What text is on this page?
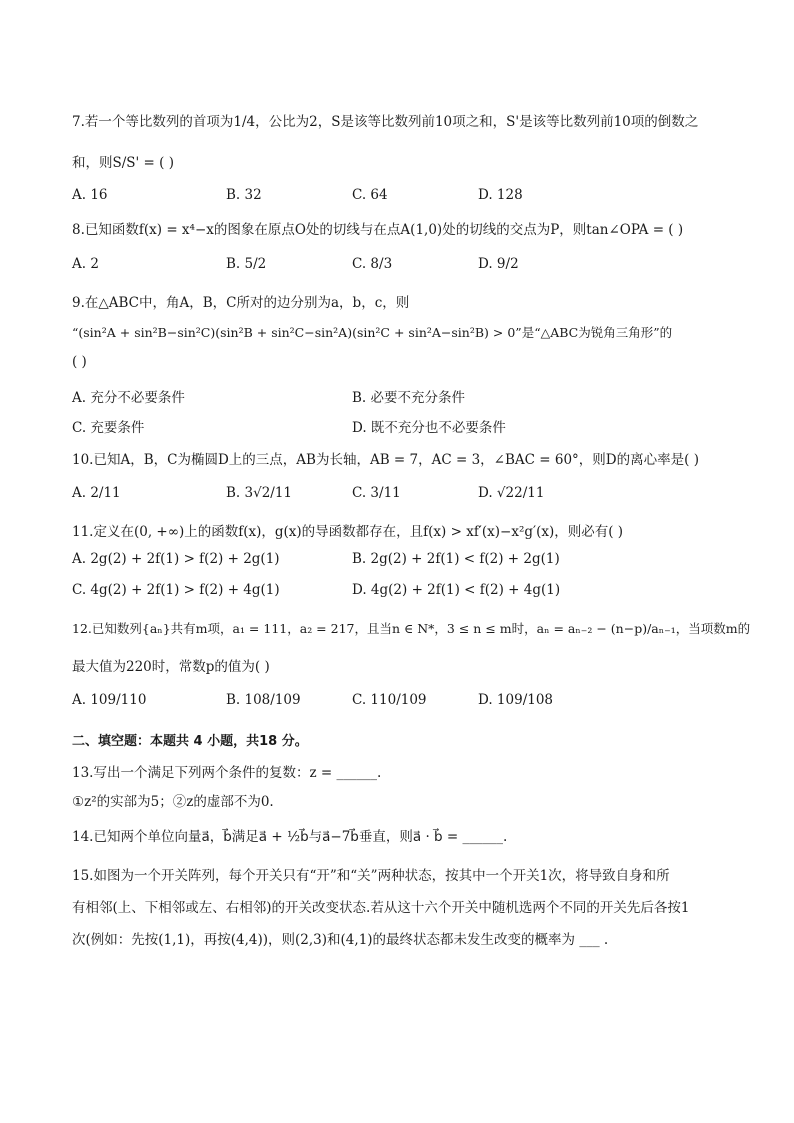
7.若一个等比数列的首项为1/4，公比为2，S是该等比数列前10项之和，S'是该等比数列前10项的倒数之
和，则S/S' = ( )
A. 16	B. 32	C. 64	D. 128
8.已知函数f(x) = x⁴−x的图象在原点O处的切线与在点A(1,0)处的切线的交点为P，则tan∠OPA = ( )
A. 2	B. 5/2	C. 8/3	D. 9/2
9.在△ABC中，角A，B，C所对的边分别为a，b，c，则
“(sin²A + sin²B−sin²C)(sin²B + sin²C−sin²A)(sin²C + sin²A−sin²B) > 0”是“△ABC为锐角三角形”的
( )
A. 充分不必要条件	B. 必要不充分条件
C. 充要条件	D. 既不充分也不必要条件
10.已知A，B，C为椭圆D上的三点，AB为长轴，AB = 7，AC = 3，∠BAC = 60°，则D的离心率是( )
A. 2/11	B. 3√2/11	C. 3/11	D. √22/11
11.定义在(0, +∞)上的函数f(x)，g(x)的导函数都存在，且f(x) > xf′(x)−x²g′(x)，则必有( )
A. 2g(2) + 2f(1) > f(2) + 2g(1)	B. 2g(2) + 2f(1) < f(2) + 2g(1)
C. 4g(2) + 2f(1) > f(2) + 4g(1)	D. 4g(2) + 2f(1) < f(2) + 4g(1)
12.已知数列{aₙ}共有m项，a₁ = 111，a₂ = 217，且当n ∈ N*，3 ≤ n ≤ m时，aₙ = aₙ₋₂ − (n−p)/aₙ₋₁，当项数m的
最大值为220时，常数p的值为( )
A. 109/110	B. 108/109	C. 110/109	D. 109/108
二、填空题：本题共 4 小题，共18 分。
13.写出一个满足下列两个条件的复数：z = ______.
①z²的实部为5；②z的虚部不为0.
14.已知两个单位向量a⃗，b⃗满足a⃗ + ½b⃗与a⃗−7b⃗垂直，则a⃗ · b⃗ = ______.
15.如图为一个开关阵列，每个开关只有“开”和“关”两种状态，按其中一个开关1次，将导致自身和所
有相邻(上、下相邻或左、右相邻)的开关改变状态.若从这十六个开关中随机选两个不同的开关先后各按1
次(例如：先按(1,1)，再按(4,4))，则(2,3)和(4,1)的最终状态都未发生改变的概率为 ___ .
